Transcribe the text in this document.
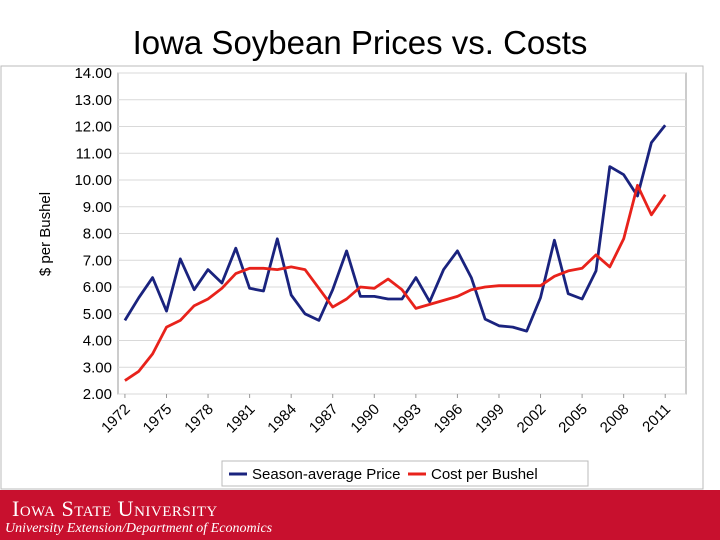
Iowa Soybean Prices vs. Costs
14.00
13.00
12.00
11.00
10.00
9.00
8.00
7.00
6.00
5.00
4.00
3.00
2.00
1972 1975 1978 1981 1984 1987 1990 1993 1996 1999 2002 2005 2008 2011
$ per Bushel
Season-average Price Cost per Bushel
Iowa State University
University Extension/Department of Economics
